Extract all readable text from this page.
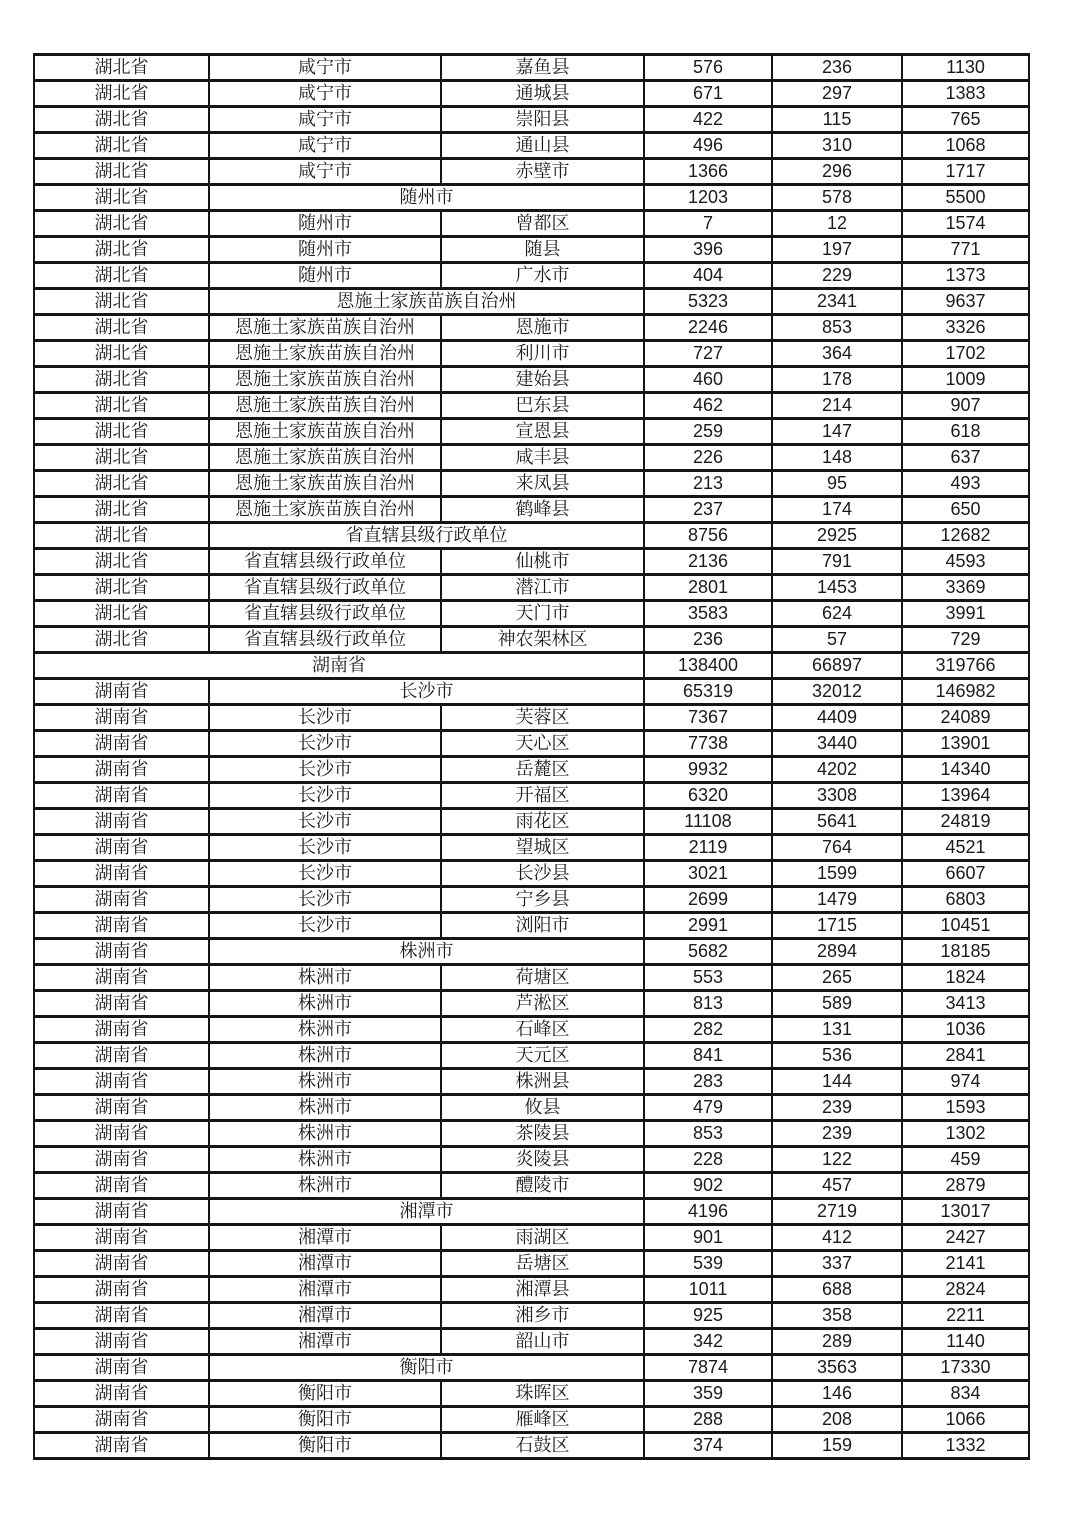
湖北省	咸宁市	嘉鱼县	576	236	1130
湖北省	咸宁市	通城县	671	297	1383
湖北省	咸宁市	崇阳县	422	115	765
湖北省	咸宁市	通山县	496	310	1068
湖北省	咸宁市	赤壁市	1366	296	1717
湖北省	随州市		1203	578	5500
湖北省	随州市	曾都区	7	12	1574
湖北省	随州市	随县	396	197	771
湖北省	随州市	广水市	404	229	1373
湖北省	恩施土家族苗族自治州		5323	2341	9637
湖北省	恩施土家族苗族自治州	恩施市	2246	853	3326
湖北省	恩施土家族苗族自治州	利川市	727	364	1702
湖北省	恩施土家族苗族自治州	建始县	460	178	1009
湖北省	恩施土家族苗族自治州	巴东县	462	214	907
湖北省	恩施土家族苗族自治州	宣恩县	259	147	618
湖北省	恩施土家族苗族自治州	咸丰县	226	148	637
湖北省	恩施土家族苗族自治州	来凤县	213	95	493
湖北省	恩施土家族苗族自治州	鹤峰县	237	174	650
湖北省	省直辖县级行政单位		8756	2925	12682
湖北省	省直辖县级行政单位	仙桃市	2136	791	4593
湖北省	省直辖县级行政单位	潜江市	2801	1453	3369
湖北省	省直辖县级行政单位	天门市	3583	624	3991
湖北省	省直辖县级行政单位	神农架林区	236	57	729
湖南省			138400	66897	319766
湖南省	长沙市		65319	32012	146982
湖南省	长沙市	芙蓉区	7367	4409	24089
湖南省	长沙市	天心区	7738	3440	13901
湖南省	长沙市	岳麓区	9932	4202	14340
湖南省	长沙市	开福区	6320	3308	13964
湖南省	长沙市	雨花区	11108	5641	24819
湖南省	长沙市	望城区	2119	764	4521
湖南省	长沙市	长沙县	3021	1599	6607
湖南省	长沙市	宁乡县	2699	1479	6803
湖南省	长沙市	浏阳市	2991	1715	10451
湖南省	株洲市		5682	2894	18185
湖南省	株洲市	荷塘区	553	265	1824
湖南省	株洲市	芦淞区	813	589	3413
湖南省	株洲市	石峰区	282	131	1036
湖南省	株洲市	天元区	841	536	2841
湖南省	株洲市	株洲县	283	144	974
湖南省	株洲市	攸县	479	239	1593
湖南省	株洲市	茶陵县	853	239	1302
湖南省	株洲市	炎陵县	228	122	459
湖南省	株洲市	醴陵市	902	457	2879
湖南省	湘潭市		4196	2719	13017
湖南省	湘潭市	雨湖区	901	412	2427
湖南省	湘潭市	岳塘区	539	337	2141
湖南省	湘潭市	湘潭县	1011	688	2824
湖南省	湘潭市	湘乡市	925	358	2211
湖南省	湘潭市	韶山市	342	289	1140
湖南省	衡阳市		7874	3563	17330
湖南省	衡阳市	珠晖区	359	146	834
湖南省	衡阳市	雁峰区	288	208	1066
湖南省	衡阳市	石鼓区	374	159	1332
